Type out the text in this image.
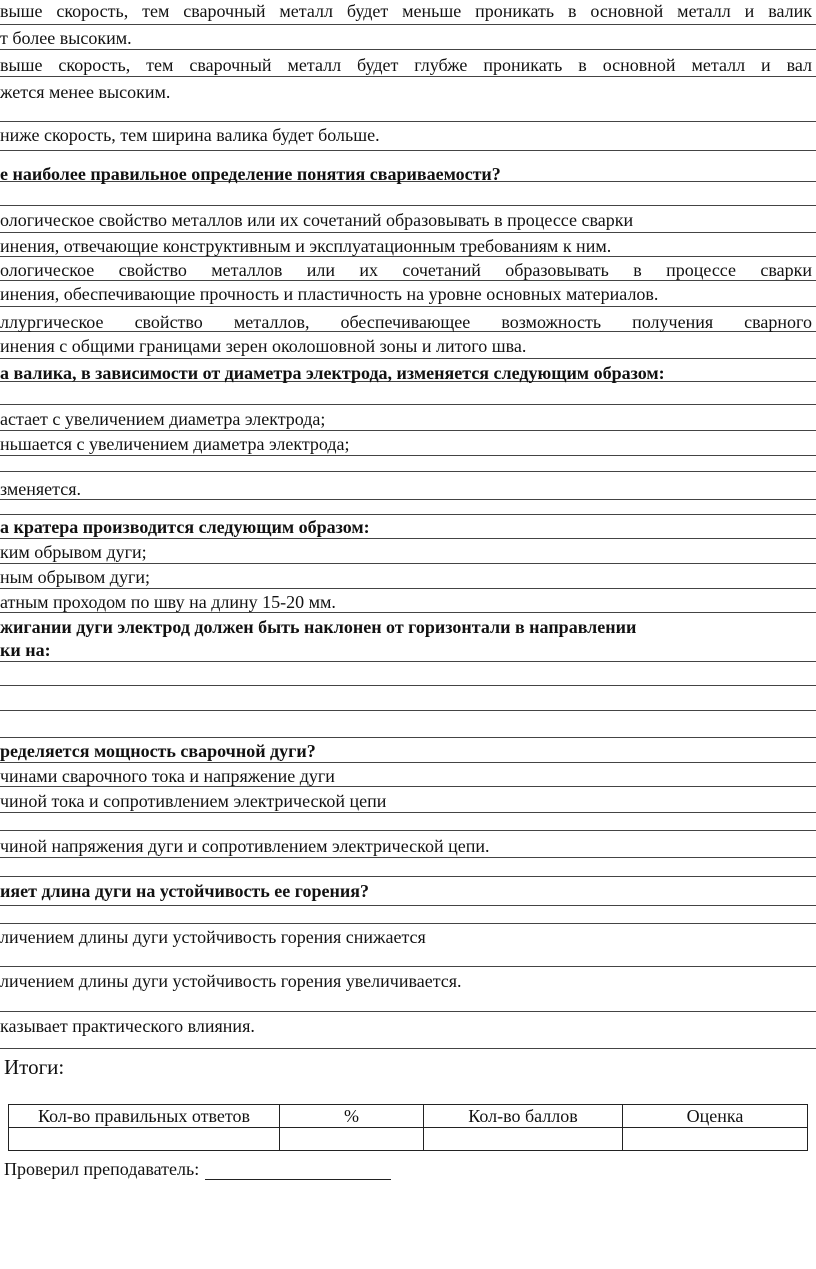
выше скорость, тем сварочный металл будет меньше проникать в основной металл и валик
т более высоким.
выше скорость, тем сварочный металл будет глубже проникать в основной металл и вал
жется менее высоким.
ниже скорость, тем ширина валика будет больше.
е наиболее правильное определение понятия свариваемости?
ологическое свойство металлов или их сочетаний образовывать в процессе сварки
инения, отвечающие конструктивным и эксплуатационным требованиям к ним.
ологическое свойство металлов или их сочетаний образовывать в процессе сварки
инения, обеспечивающие прочность и пластичность на уровне основных материалов.
ллургическое свойство металлов, обеспечивающее возможность получения сварного
инения с общими границами зерен околошовной зоны и литого шва.
а валика, в зависимости от диаметра электрода, изменяется следующим образом:
астает с увеличением диаметра электрода;
ньшается с увеличением диаметра электрода;
зменяется.
а кратера производится следующим образом:
ким обрывом дуги;
ным обрывом дуги;
атным проходом по шву на длину 15-20 мм.
жигании дуги электрод должен быть наклонен от горизонтали в направлении
ки на:
ределяется мощность сварочной дуги?
чинами сварочного тока и напряжение дуги
чиной тока и сопротивлением электрической цепи
чиной напряжения дуги и сопротивлением электрической цепи.
ияет длина дуги на устойчивость ее горения?
личением длины дуги устойчивость горения снижается
личением длины дуги устойчивость горения увеличивается.
казывает практического влияния.
Итоги:
Кол-во правильных ответов	%	Кол-во баллов	Оценка

Проверил преподаватель:
